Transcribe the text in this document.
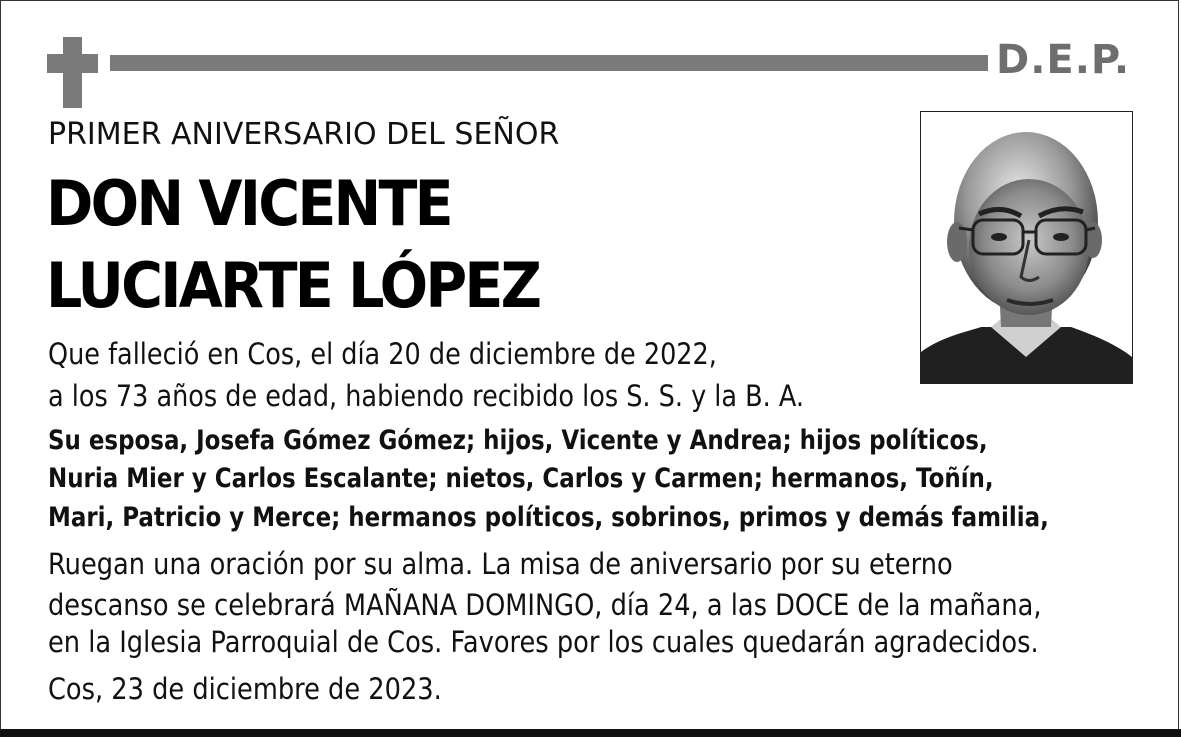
D.E.P.
PRIMER ANIVERSARIO DEL SEÑOR
DON VICENTE
LUCIARTE LÓPEZ
Que falleció en Cos, el día 20 de diciembre de 2022,
a los 73 años de edad, habiendo recibido los S. S. y la B. A.
Su esposa, Josefa Gómez Gómez; hijos, Vicente y Andrea; hijos políticos,
Nuria Mier y Carlos Escalante; nietos, Carlos y Carmen; hermanos, Toñín,
Mari, Patricio y Merce; hermanos políticos, sobrinos, primos y demás familia,
Ruegan una oración por su alma. La misa de aniversario por su eterno
descanso se celebrará MAÑANA DOMINGO, día 24, a las DOCE de la mañana,
en la Iglesia Parroquial de Cos. Favores por los cuales quedarán agradecidos.
Cos, 23 de diciembre de 2023.
